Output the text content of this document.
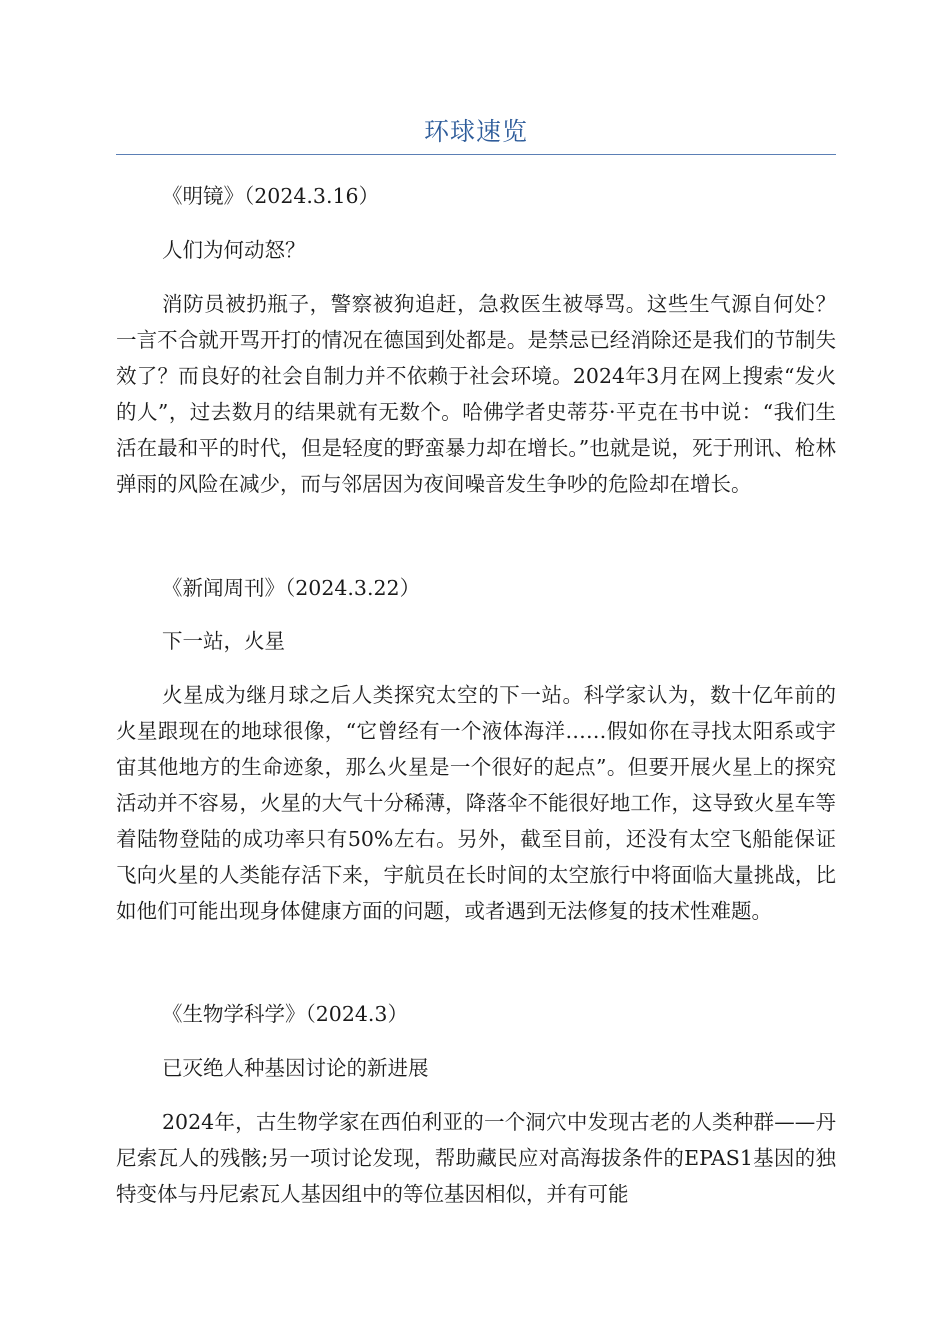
环球速览

《明镜》（2024.3.16）

人们为何动怒？

消防员被扔瓶子，警察被狗追赶，急救医生被辱骂。这些生气源自何处？一言不合就开骂开打的情况在德国到处都是。是禁忌已经消除还是我们的节制失效了？而良好的社会自制力并不依赖于社会环境。2024年3月在网上搜索“发火的人”，过去数月的结果就有无数个。哈佛学者史蒂芬·平克在书中说：“我们生活在最和平的时代，但是轻度的野蛮暴力却在增长。”也就是说，死于刑讯、枪林弹雨的风险在减少，而与邻居因为夜间噪音发生争吵的危险却在增长。

《新闻周刊》（2024.3.22）

下一站，火星

火星成为继月球之后人类探究太空的下一站。科学家认为，数十亿年前的火星跟现在的地球很像，“它曾经有一个液体海洋……假如你在寻找太阳系或宇宙其他地方的生命迹象，那么火星是一个很好的起点”。但要开展火星上的探究活动并不容易，火星的大气十分稀薄，降落伞不能很好地工作，这导致火星车等着陆物登陆的成功率只有50%左右。另外，截至目前，还没有太空飞船能保证飞向火星的人类能存活下来，宇航员在长时间的太空旅行中将面临大量挑战，比如他们可能出现身体健康方面的问题，或者遇到无法修复的技术性难题。

《生物学科学》（2024.3）

已灭绝人种基因讨论的新进展

2024年，古生物学家在西伯利亚的一个洞穴中发现古老的人类种群——丹尼索瓦人的残骸;另一项讨论发现，帮助藏民应对高海拔条件的EPAS1基因的独特变体与丹尼索瓦人基因组中的等位基因相似，并有可能
